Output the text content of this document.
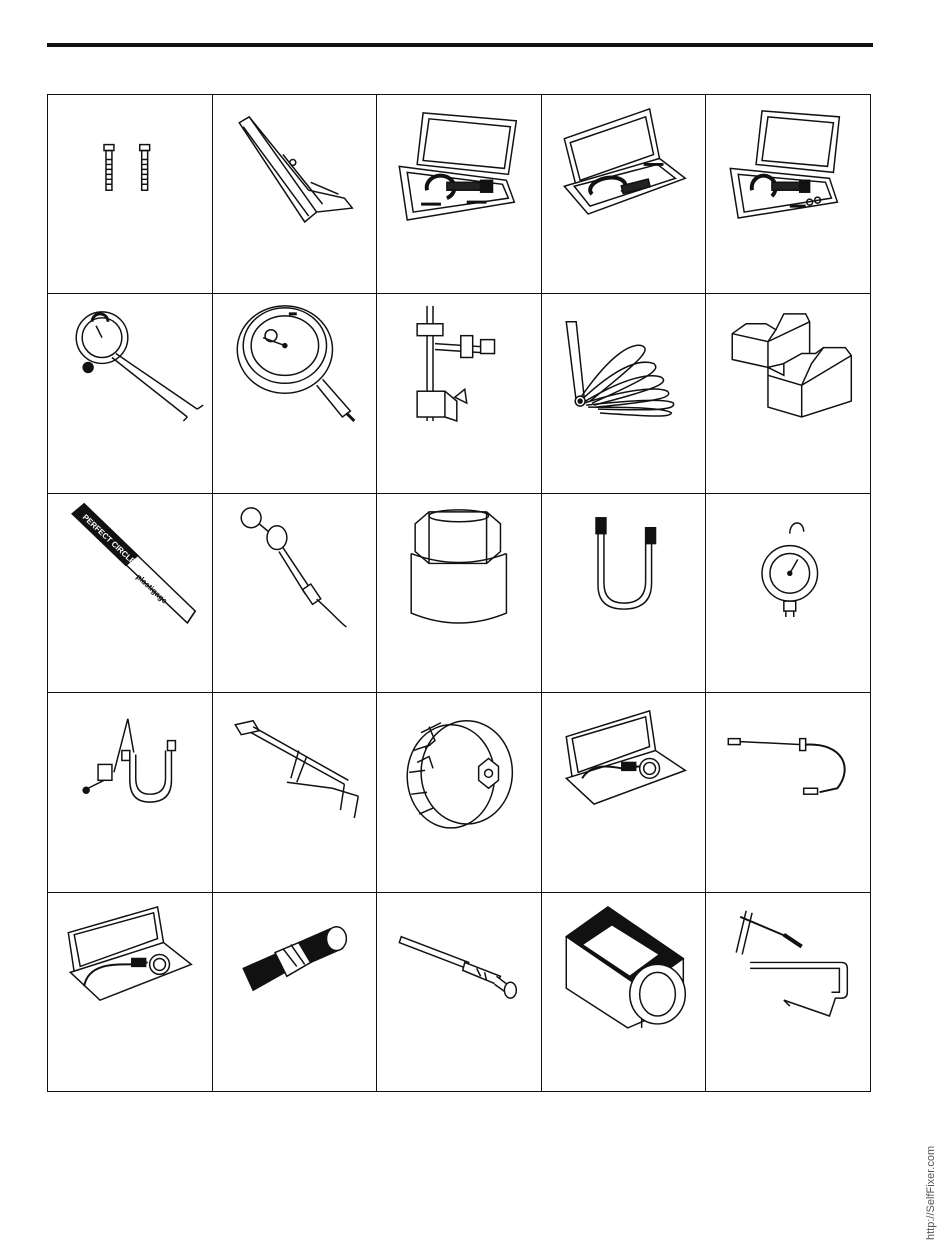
PERFECT CIRCLE
plastigage
http://SelfFixer.com
